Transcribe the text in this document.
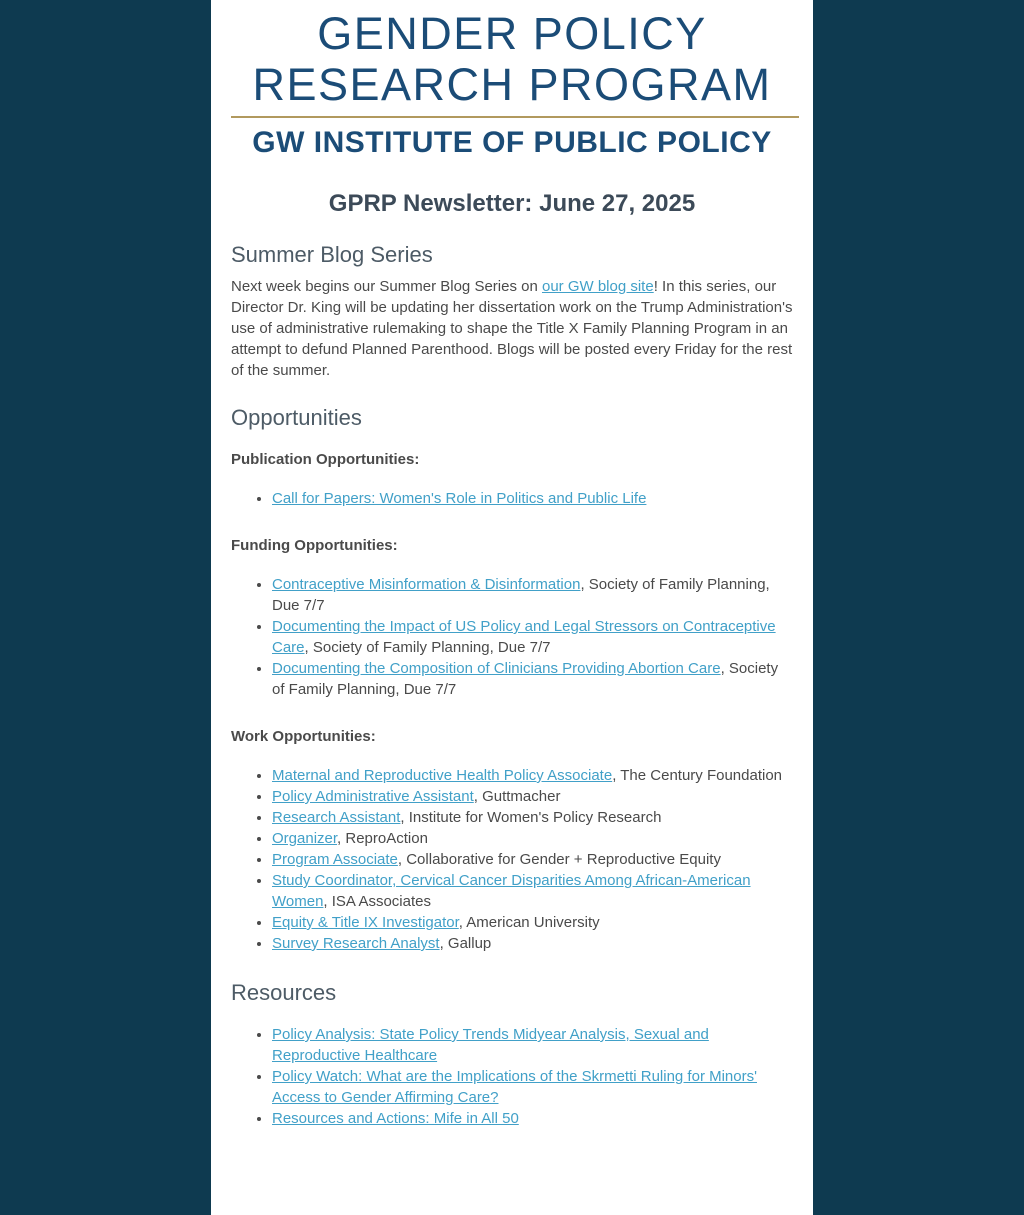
GENDER POLICY
RESEARCH PROGRAM
GW INSTITUTE OF PUBLIC POLICY
GPRP Newsletter: June 27, 2025
Summer Blog Series

Next week begins our Summer Blog Series on our GW blog site! In this series, our Director Dr. King will be updating her dissertation work on the Trump Administration's use of administrative rulemaking to shape the Title X Family Planning Program in an attempt to defund Planned Parenthood. Blogs will be posted every Friday for the rest of the summer.

Opportunities

Publication Opportunities:

• Call for Papers: Women's Role in Politics and Public Life

Funding Opportunities:

• Contraceptive Misinformation & Disinformation, Society of Family Planning, Due 7/7
• Documenting the Impact of US Policy and Legal Stressors on Contraceptive Care, Society of Family Planning, Due 7/7
• Documenting the Composition of Clinicians Providing Abortion Care, Society of Family Planning, Due 7/7

Work Opportunities:

• Maternal and Reproductive Health Policy Associate, The Century Foundation
• Policy Administrative Assistant, Guttmacher
• Research Assistant, Institute for Women's Policy Research
• Organizer, ReproAction
• Program Associate, Collaborative for Gender + Reproductive Equity
• Study Coordinator, Cervical Cancer Disparities Among African-American Women, ISA Associates
• Equity & Title IX Investigator, American University
• Survey Research Analyst, Gallup
Resources
• Policy Analysis: State Policy Trends Midyear Analysis, Sexual and Reproductive Healthcare
• Policy Watch: What are the Implications of the Skrmetti Ruling for Minors' Access to Gender Affirming Care?
• Resources and Actions: Mife in All 50
